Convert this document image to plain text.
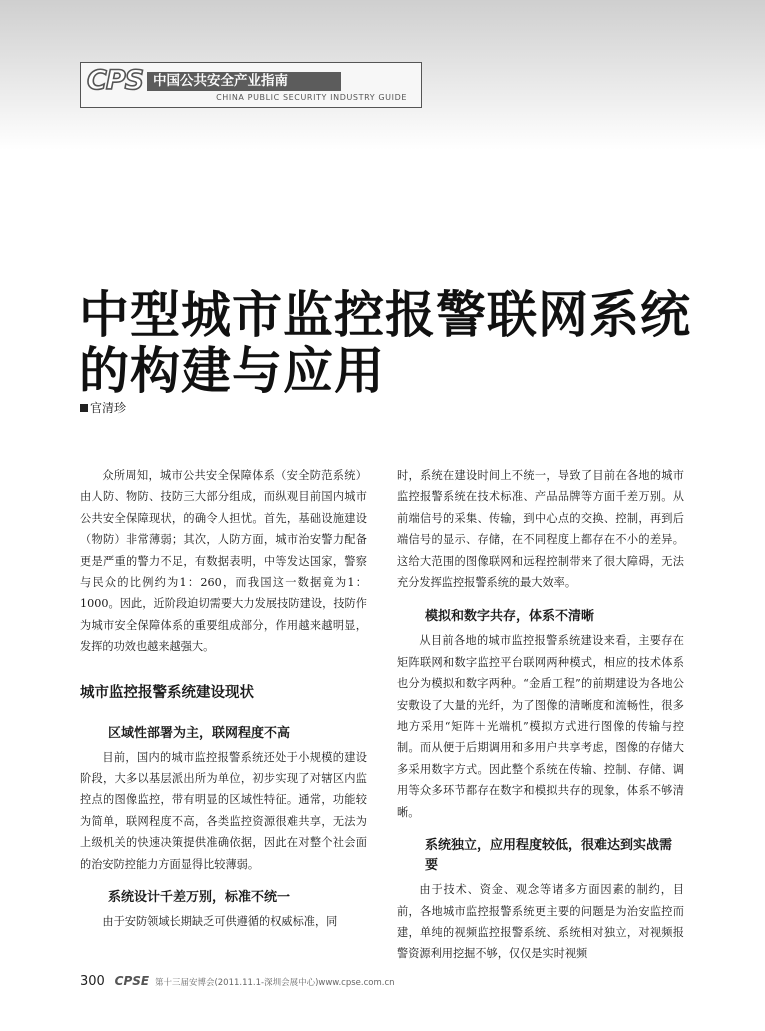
CPS 中国公共安全产业指南
CHINA PUBLIC SECURITY INDUSTRY GUIDE
中型城市监控报警联网系统
的构建与应用
官清珍

众所周知，城市公共安全保障体系（安全防范系统）由人防、物防、技防三大部分组成，而纵观目前国内城市公共安全保障现状，的确令人担忧。首先，基础设施建设（物防）非常薄弱；其次，人防方面，城市治安警力配备更是严重的警力不足，有数据表明，中等发达国家，警察与民众的比例约为1：260，而我国这一数据竟为1：1000。因此，近阶段迫切需要大力发展技防建设，技防作为城市安全保障体系的重要组成部分，作用越来越明显，发挥的功效也越来越强大。

城市监控报警系统建设现状
区域性部署为主，联网程度不高

目前，国内的城市监控报警系统还处于小规模的建设阶段，大多以基层派出所为单位，初步实现了对辖区内监控点的图像监控，带有明显的区域性特征。通常，功能较为简单，联网程度不高，各类监控资源很难共享，无法为上级机关的快速决策提供准确依据，因此在对整个社会面的治安防控能力方面显得比较薄弱。

系统设计千差万别，标准不统一

由于安防领域长期缺乏可供遵循的权威标准，同

时，系统在建设时间上不统一，导致了目前在各地的城市监控报警系统在技术标准、产品品牌等方面千差万别。从前端信号的采集、传输，到中心点的交换、控制，再到后端信号的显示、存储，在不同程度上都存在不小的差异。这给大范围的图像联网和远程控制带来了很大障碍，无法充分发挥监控报警系统的最大效率。

模拟和数字共存，体系不清晰

从目前各地的城市监控报警系统建设来看，主要存在矩阵联网和数字监控平台联网两种模式，相应的技术体系也分为模拟和数字两种。“金盾工程”的前期建设为各地公安敷设了大量的光纤，为了图像的清晰度和流畅性，很多地方采用“矩阵＋光端机”模拟方式进行图像的传输与控制。而从便于后期调用和多用户共享考虑，图像的存储大多采用数字方式。因此整个系统在传输、控制、存储、调用等众多环节都存在数字和模拟共存的现象，体系不够清晰。

系统独立，应用程度较低，很难达到实战需要

由于技术、资金、观念等诸多方面因素的制约，目前，各地城市监控报警系统更主要的问题是为治安监控而建，单纯的视频监控报警系统、系统相对独立，对视频报警资源利用挖掘不够，仅仅是实时视频

300 CPSE 第十三届安博会(2011.11.1-深圳会展中心)www.cpse.com.cn
